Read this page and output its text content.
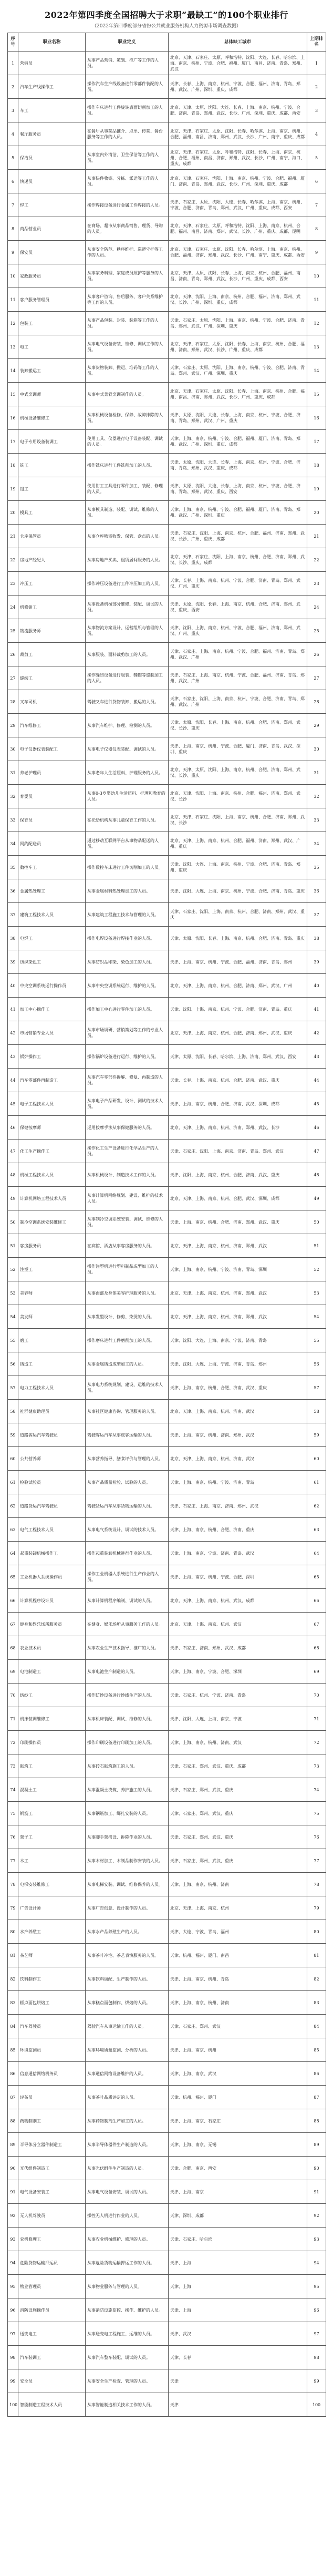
2022年第四季度全国招聘大于求职“最缺工”的100个职业排行
（2022年第四季度部分省份公共就业服务机构人力资源市场调查数据）
序号	职业名称	职业定义	总体缺工城市	上期排名
1	营销员	从事产品营销、策划、推广等工作的人员。	北京、天津、石家庄、太原、呼和浩特、沈阳、大连、长春、哈尔滨、上海、南京、杭州、宁波、合肥、福州、厦门、南昌、济南、青岛、郑州、武汉	1
2	汽车生产线操作工	操作汽车生产线设备进行零部件装配的人员。	天津、长春、上海、南京、杭州、宁波、合肥、福州、济南、青岛、郑州、武汉、广州、深圳、重庆、成都	2
3	车工	操作车床进行工件旋转表面切削加工的人员。	北京、天津、太原、沈阳、大连、长春、上海、南京、杭州、宁波、合肥、济南、青岛、郑州、武汉、长沙、广州、深圳、重庆、成都、西安	3
4	餐厅服务员	在餐厅从事菜品推介、点单、传菜、餐台服务等工作的人员。	北京、天津、石家庄、太原、沈阳、长春、哈尔滨、上海、南京、杭州、合肥、福州、南昌、济南、郑州、武汉、长沙、广州、南宁、重庆、成都	4
5	保洁员	从事室内外清洁、卫生保洁等工作的人员。	北京、天津、石家庄、太原、呼和浩特、沈阳、长春、上海、南京、杭州、合肥、福州、南昌、济南、郑州、武汉、长沙、广州、南宁、海口、重庆、成都	5
6	快递员	从事快件收寄、分拣、派送等工作的人员。	北京、天津、石家庄、沈阳、上海、南京、杭州、宁波、合肥、福州、厦门、济南、青岛、郑州、武汉、长沙、广州、深圳、重庆、成都	6
7	焊工	操作焊接设备进行金属工件焊接的人员。	天津、石家庄、太原、沈阳、大连、长春、哈尔滨、上海、南京、杭州、宁波、合肥、济南、青岛、郑州、武汉、广州、重庆、成都、西安	7
8	商品营业员	在商场、超市从事商品销售、理货、导购的人员。	北京、天津、石家庄、太原、呼和浩特、沈阳、上海、南京、杭州、合肥、福州、南昌、济南、郑州、武汉、长沙、广州、重庆、成都、昆明	8
9	保安员	从事安全防范、秩序维护、巡逻守护等工作的人员。	北京、天津、石家庄、太原、沈阳、长春、哈尔滨、上海、南京、杭州、合肥、福州、济南、郑州、武汉、长沙、广州、南宁、重庆、成都、西安	9
10	家政服务员	从事家务料理、家庭成员照护等服务的人员。	北京、天津、太原、沈阳、长春、上海、南京、杭州、合肥、福州、南昌、济南、青岛、郑州、武汉、长沙、广州、重庆、成都、西安	10
11	客户服务管理员	从事客户咨询、售后服务、客户关系维护等工作的人员。	北京、天津、沈阳、上海、南京、杭州、合肥、福州、济南、郑州、武汉、长沙、广州、深圳、重庆、成都	11
12	包装工	从事产品包装、封装、装箱等工作的人员。	天津、石家庄、太原、沈阳、上海、南京、杭州、宁波、合肥、济南、青岛、郑州、武汉、广州、深圳、重庆	12
13	电工	从事电气设备安装、维修、调试工作的人员。	北京、天津、石家庄、太原、沈阳、长春、上海、南京、杭州、合肥、福州、济南、郑州、武汉、长沙、广州、重庆、成都	13
14	装卸搬运工	从事货物装卸、搬运、堆码等工作的人员。	天津、石家庄、太原、沈阳、上海、南京、杭州、宁波、合肥、济南、青岛、郑州、武汉、广州、深圳、重庆	14
15	中式烹调师	从事中式菜肴烹调制作的人员。	北京、天津、石家庄、太原、沈阳、长春、上海、南京、杭州、合肥、福州、南昌、济南、郑州、武汉、长沙、广州、重庆、成都	15
16	机械设备维修工	从事机械设备检修、保养、故障排除的人员。	天津、太原、沈阳、大连、长春、上海、南京、杭州、宁波、合肥、济南、青岛、郑州、武汉、广州、重庆	16
17	电子专用设备装调工	使用工具、仪器进行电子设备装配、调试的人员。	天津、上海、南京、杭州、宁波、合肥、福州、厦门、济南、青岛、郑州、武汉、广州、深圳、重庆、成都	17
18	铣工	操作铣床进行工件铣削加工的人员。	天津、太原、沈阳、大连、长春、上海、南京、杭州、宁波、合肥、济南、青岛、郑州、武汉、重庆、成都	18
19	钳工	使用钳工工具进行零件加工、装配、修理的人员。	天津、太原、沈阳、大连、长春、上海、南京、杭州、宁波、合肥、济南、青岛、郑州、武汉、重庆、西安	19
20	模具工	从事模具制造、装配、调试、维修的人员。	天津、上海、南京、杭州、宁波、合肥、福州、厦门、济南、青岛、郑州、武汉、广州、深圳、重庆	20
21	仓库保管员	从事仓库物资收发、保管、盘点的人员。	天津、石家庄、沈阳、上海、南京、杭州、合肥、福州、济南、郑州、武汉、长沙、广州、重庆、成都	21
22	房地产经纪人	从事房地产买卖、租赁居间服务的人员。	北京、天津、石家庄、沈阳、上海、南京、杭州、合肥、济南、郑州、武汉、长沙、重庆、成都	22
23	冲压工	操作冲压设备进行工件冲压加工的人员。	天津、长春、上海、南京、杭州、宁波、合肥、济南、青岛、郑州、武汉、广州、重庆	23
24	机修钳工	从事设备机械部分维修、装配、调试的人员。	天津、太原、沈阳、长春、上海、南京、杭州、合肥、济南、郑州、武汉、重庆、西安	24
25	物流服务师	从事物流方案设计、运营组织与管理的人员。	天津、沈阳、上海、南京、杭州、宁波、合肥、福州、济南、郑州、武汉、广州、重庆	25
26	裁剪工	从事服装、面料裁剪加工的人员。	天津、石家庄、上海、南京、杭州、宁波、合肥、福州、济南、青岛、郑州、武汉、广州	26
27	缝纫工	操作缝纫设备进行服装、鞋帽等缝制加工的人员。	天津、石家庄、上海、南京、杭州、宁波、合肥、福州、济南、青岛、郑州、武汉、广州	27
28	叉车司机	驾驶叉车进行货物装卸、搬运的人员。	天津、石家庄、沈阳、上海、南京、杭州、宁波、合肥、济南、青岛、郑州、武汉、广州	28
29	汽车维修工	从事汽车维护、修理、检测的人员。	天津、太原、沈阳、长春、上海、南京、杭州、合肥、济南、郑州、武汉、长沙、重庆	29
30	电子仪器仪表装配工	从事电子仪器仪表装配、调试的人员。	天津、上海、南京、杭州、宁波、合肥、厦门、济南、青岛、武汉、深圳、重庆	30
31	养老护理员	从事老年人生活照料、护理服务的人员。	北京、天津、太原、沈阳、上海、南京、杭州、合肥、济南、郑州、武汉、长沙、重庆	31
32	育婴员	从事0-3岁婴幼儿生活照料、护理和教育的人员。	北京、天津、沈阳、上海、南京、杭州、合肥、福州、济南、郑州、武汉、长沙	32
33	保育员	在托幼机构从事儿童保育工作的人员。	北京、天津、石家庄、沈阳、上海、南京、杭州、合肥、济南、郑州、武汉、长沙	33
34	网约配送员	通过移动互联网平台从事物品配送的人员。	北京、天津、上海、南京、杭州、合肥、福州、济南、郑州、武汉、广州、重庆	34
35	数控车工	操作数控车床进行工件切削加工的人员。	天津、沈阳、大连、上海、南京、杭州、宁波、合肥、济南、青岛、郑州、重庆	35
36	金属热处理工	从事金属材料热处理加工的人员。	天津、沈阳、大连、上海、南京、杭州、宁波、合肥、济南、青岛、重庆	36
37	建筑工程技术人员	从事建筑工程施工技术与管理的人员。	天津、石家庄、沈阳、上海、南京、杭州、合肥、济南、郑州、武汉、重庆	37
38	电焊工	操作电焊设备进行焊接作业的人员。	天津、太原、沈阳、长春、上海、南京、杭州、合肥、济南、青岛、重庆	38
39	纺织染色工	从事纺织品印染、染色加工的人员。	天津、上海、南京、杭州、宁波、合肥、福州、济南、青岛、郑州	39
40	中央空调系统运行操作员	从事中央空调系统运行、维护的人员。	北京、天津、上海、南京、杭州、合肥、济南、郑州、武汉、广州	40
41	加工中心操作工	操作加工中心进行零件加工的人员。	天津、沈阳、上海、南京、杭州、宁波、合肥、济南、青岛、重庆	41
42	市场营销专业人员	从事市场调研、营销策划等工作的专业人员。	北京、天津、上海、南京、杭州、合肥、济南、郑州、武汉、重庆	42
43	锅炉操作工	操作锅炉设备进行运行、维护的人员。	天津、太原、沈阳、长春、哈尔滨、上海、济南、郑州、武汉、西安	43
44	汽车零部件再制造工	从事汽车零部件拆解、修复、再制造的人员。	天津、长春、上海、南京、杭州、合肥、济南、武汉、重庆	44
45	电子工程技术人员	从事电子产品研发、设计、测试的技术人员。	天津、上海、南京、杭州、合肥、济南、武汉、深圳、成都	45
46	保健按摩师	运用按摩手法从事保健服务的人员。	北京、天津、上海、南京、杭州、济南、郑州、武汉、长沙	46
47	化工生产操作工	操作化工生产设备进行化学品生产的人员。	天津、石家庄、沈阳、上海、南京、济南、青岛、郑州、武汉	47
48	机械工程技术人员	从事机械设计、制造技术工作的人员。	天津、沈阳、上海、南京、杭州、合肥、济南、武汉、重庆	48
49	计算机网络工程技术人员	从事计算机网络规划、建设、维护的技术人员。	北京、天津、上海、南京、杭州、合肥、武汉、深圳、成都	49
50	制冷空调系统安装维修工	从事制冷空调系统安装、调试、维修的人员。	天津、上海、南京、杭州、合肥、济南、郑州、武汉、重庆	50
51	客房服务员	在宾馆、酒店从事客房服务的人员。	北京、天津、上海、南京、杭州、济南、郑州、武汉	51
52	注塑工	操作注塑机进行塑料制品成型加工的人员。	天津、上海、南京、杭州、宁波、济南、青岛、深圳	52
53	美容师	从事面部及身体美容护理服务的人员。	北京、天津、上海、南京、杭州、济南、郑州、武汉	53
54	美发师	从事发型设计、修剪、染烫的人员。	北京、天津、上海、南京、杭州、济南、郑州、武汉	54
55	磨工	操作磨床进行工件磨削加工的人员。	天津、沈阳、大连、上海、南京、宁波、济南、青岛	55
56	铸造工	从事金属铸造成型加工的人员。	天津、沈阳、大连、上海、宁波、济南、青岛、郑州	56
57	电力工程技术人员	从事电力系统规划、建设、运维的技术人员。	天津、上海、南京、杭州、合肥、济南、武汉、重庆	57
58	社群健康助理员	从事社区健康咨询、管理服务的人员。	北京、天津、上海、南京、杭州、济南、武汉	58
59	道路客运汽车驾驶员	驾驶客运汽车从事旅客运输的人员。	天津、上海、南京、杭州、济南、郑州、武汉	59
60	公共营养师	从事营养指导、膳食评价与管理的人员。	北京、天津、上海、南京、杭州、济南、武汉	60
61	检验试验员	从事产品质量检验、试验的人员。	天津、上海、南京、杭州、宁波、济南、青岛	61
62	道路货运汽车驾驶员	驾驶货运汽车从事货物运输的人员。	天津、石家庄、上海、南京、济南、郑州、武汉	62
63	电气工程技术人员	从事电气系统设计、调试的技术人员。	天津、上海、南京、杭州、合肥、济南、重庆	63
64	起重装卸机械操作工	操作起重装卸机械进行作业的人员。	天津、上海、南京、宁波、济南、青岛、武汉	64
65	工业机器人系统操作员	操作工业机器人系统进行生产作业的人员。	天津、上海、南京、杭州、宁波、合肥、深圳	65
66	计算机程序设计员	从事计算机程序编制、调试的人员。	北京、天津、上海、南京、杭州、武汉、成都	66
67	健身和娱乐场所服务员	在健身、娱乐场所从事服务工作的人员。	北京、天津、上海、南京、杭州、武汉	67
68	农业技术员	从事农业生产技术指导、推广的人员。	天津、石家庄、济南、郑州、武汉、成都	68
69	电池制造工	从事电池生产制造的人员。	天津、上海、南京、宁波、合肥、深圳	69
70	纺纱工	操作纺纱设备进行纱线生产的人员。	天津、石家庄、杭州、宁波、济南、青岛	70
71	机床装调维修工	从事机床装配、调试、维修的人员。	天津、沈阳、大连、上海、南京、宁波	71
72	印刷操作员	操作印刷设备进行印刷加工的人员。	天津、上海、南京、杭州、济南、武汉	72
73	砌筑工	从事砖石砌筑施工的人员。	天津、石家庄、郑州、武汉、重庆、成都	73
74	混凝土工	从事混凝土浇筑、养护施工的人员。	天津、石家庄、郑州、武汉、重庆	74
75	钢筋工	从事钢筋加工、绑扎安装的人员。	天津、石家庄、郑州、武汉、重庆	75
76	架子工	从事脚手架搭设、拆除作业的人员。	天津、石家庄、郑州、武汉、重庆	76
77	木工	从事木材加工、木制品制作安装的人员。	天津、石家庄、郑州、武汉、重庆	77
78	电梯安装维修工	从事电梯安装、调试、维修保养的人员。	天津、上海、南京、杭州、济南	78
79	广告设计师	从事广告创意、设计制作的人员。	北京、天津、上海、南京、杭州	79
80	水产养殖工	从事水产品养殖生产的人员。	天津、大连、宁波、青岛、福州	80
81	茶艺师	从事茶叶冲泡、茶艺表演服务的人员。	天津、杭州、福州、厦门、南昌	81
82	饮料制作工	从事饮料调配、生产制作的人员。	天津、上海、南京、杭州、青岛	82
83	糕点面包烘焙工	从事糕点面包制作、烘焙的人员。	天津、上海、南京、杭州、济南	83
84	汽车驾驶员	驾驶汽车从事运输工作的人员。	天津、石家庄、郑州、武汉	84
85	环境监测员	从事环境质量监测、分析的人员。	天津、上海、南京、杭州	85
86	信息通信网络机务员	从事通信网络设备维护的人员。	天津、上海、南京、武汉	86
87	评茶员	从事茶叶品质评定的人员。	天津、杭州、福州、厦门	87
88	药物制剂工	从事药物制剂生产加工的人员。	天津、上海、南京、石家庄	88
89	半导体分立器件制造工	从事半导体器件生产制造的人员。	天津、上海、南京、无锡	89
90	光伏组件制造工	从事光伏组件生产制造的人员。	天津、合肥、南京、西安	90
91	电气设备安装工	从事电气设备安装、调试的人员。	天津、上海、南京	91
92	无人机驾驶员	操控无人机进行作业的人员。	天津、深圳、成都	92
93	农机修理工	从事农业机械维护、修理的人员。	天津、石家庄、哈尔滨	93
94	危险货物运输押运员	从事危险货物运输押运工作的人员。	天津、上海	94
95	物业管理员	从事物业服务与管理的人员。	天津、上海	95
96	消防设施操作员	从事消防设施监控、操作、维护的人员。	天津、上海	96
97	送变电工	从事送变电工程施工、运维的人员。	天津、武汉	97
98	汽车装调工	从事汽车整车装配、调试的人员。	天津、长春	98
99	安全员	从事安全生产检查、管理的人员。	天津	99
100	智能制造工程技术人员	从事智能制造相关技术工作的人员。	天津	100
